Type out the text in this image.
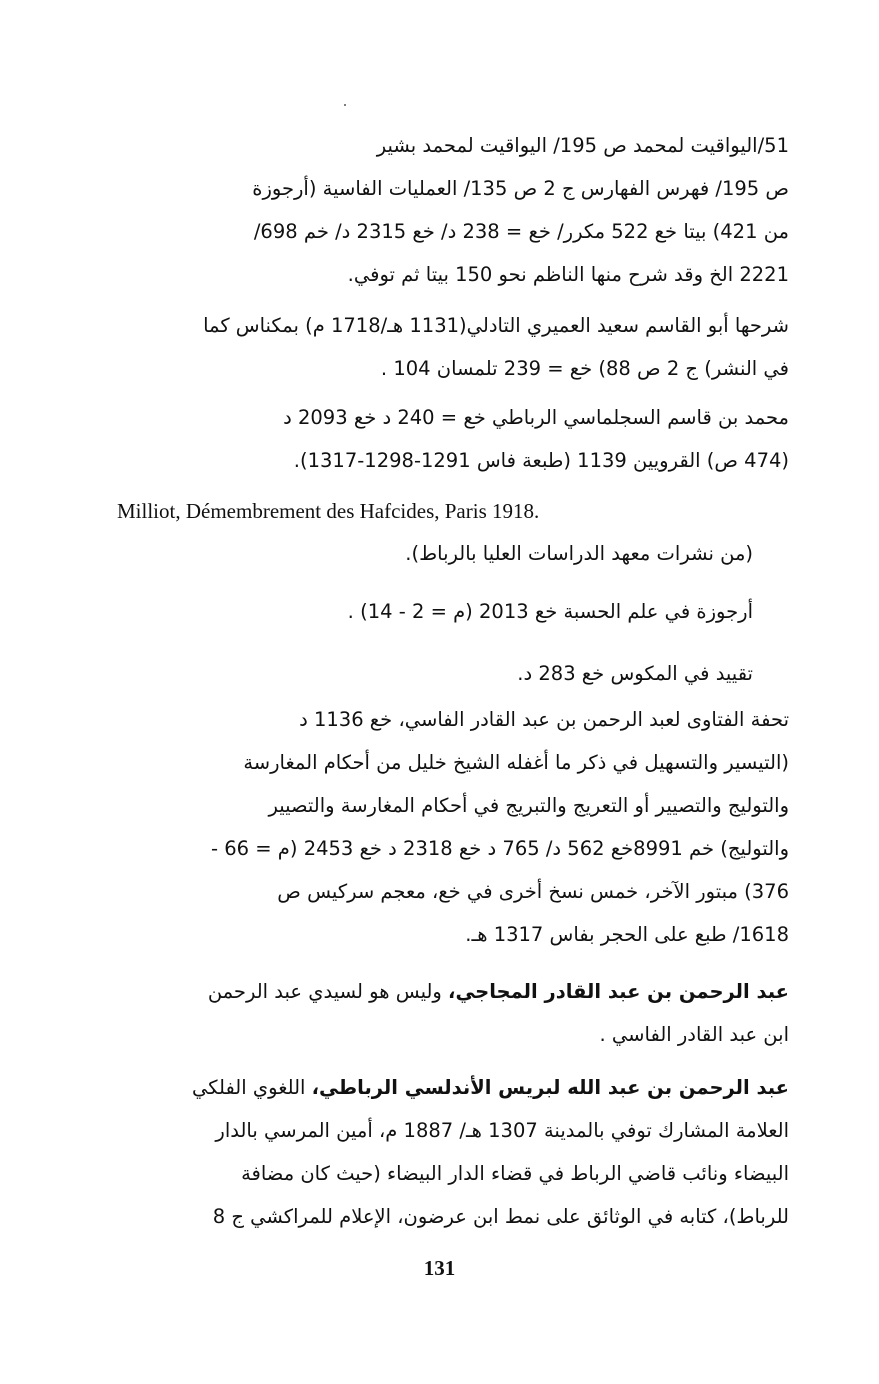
51/اليواقيت لمحمد ص 195/ اليواقيت لمحمد بشير
ص 195/ فهرس الفهارس ج 2 ص 135/ العمليات الفاسية (أرجوزة
من 421) بيتا خع 522 مكرر/ خع = 238 د/ خع 2315 د/ خم 698/
2221 الخ وقد شرح منها الناظم نحو 150 بيتا ثم توفي.

شرحها أبو القاسم سعيد العميري التادلي(1131 هـ/1718 م) بمكناس كما
في النشر) ج 2 ص 88) خع = 239 تلمسان 104 .

محمد بن قاسم السجلماسي الرباطي خع = 240 د خع 2093 د
(474 ص) القرويين 1139 (طبعة فاس 1291-1298-1317).

Milliot, Démembrement des Hafcides, Paris 1918.

(من نشرات معهد الدراسات العليا بالرباط).

أرجوزة في علم الحسبة خع 2013 (م = 2 - 14) .

تقييد في المكوس خع 283 د.

تحفة الفتاوى لعبد الرحمن بن عبد القادر الفاسي، خع 1136 د
(التيسير والتسهيل في ذكر ما أغفله الشيخ خليل من أحكام المغارسة
والتوليج والتصيير أو التعريج والتبريج في أحكام المغارسة والتصيير
والتوليج) خم 8991خع 562 د/ 765 د خع 2318 د خع 2453 (م = 66 -
376) مبتور الآخر، خمس نسخ أخرى في خع، معجم سركيس ص
1618/ طبع على الحجر بفاس 1317 هـ.

عبد الرحمن بن عبد القادر المجاجي، وليس هو لسيدي عبد الرحمن
ابن عبد القادر الفاسي .

عبد الرحمن بن عبد الله لبريس الأندلسي الرباطي، اللغوي الفلكي
العلامة المشارك توفي بالمدينة 1307 هـ/ 1887 م، أمين المرسي بالدار
البيضاء ونائب قاضي الرباط في قضاء الدار البيضاء (حيث كان مضافة
للرباط)، كتابه في الوثائق على نمط ابن عرضون، الإعلام للمراكشي ج 8

131
